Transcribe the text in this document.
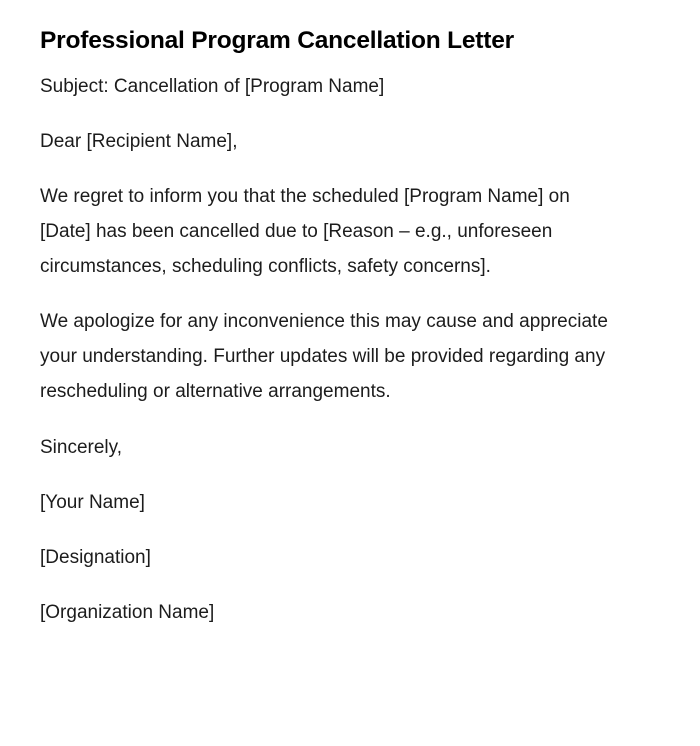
Professional Program Cancellation Letter

Subject: Cancellation of [Program Name]

Dear [Recipient Name],

We regret to inform you that the scheduled [Program Name] on [Date] has been cancelled due to [Reason – e.g., unforeseen circumstances, scheduling conflicts, safety concerns].

We apologize for any inconvenience this may cause and appreciate your understanding. Further updates will be provided regarding any rescheduling or alternative arrangements.

Sincerely,

[Your Name]

[Designation]

[Organization Name]
